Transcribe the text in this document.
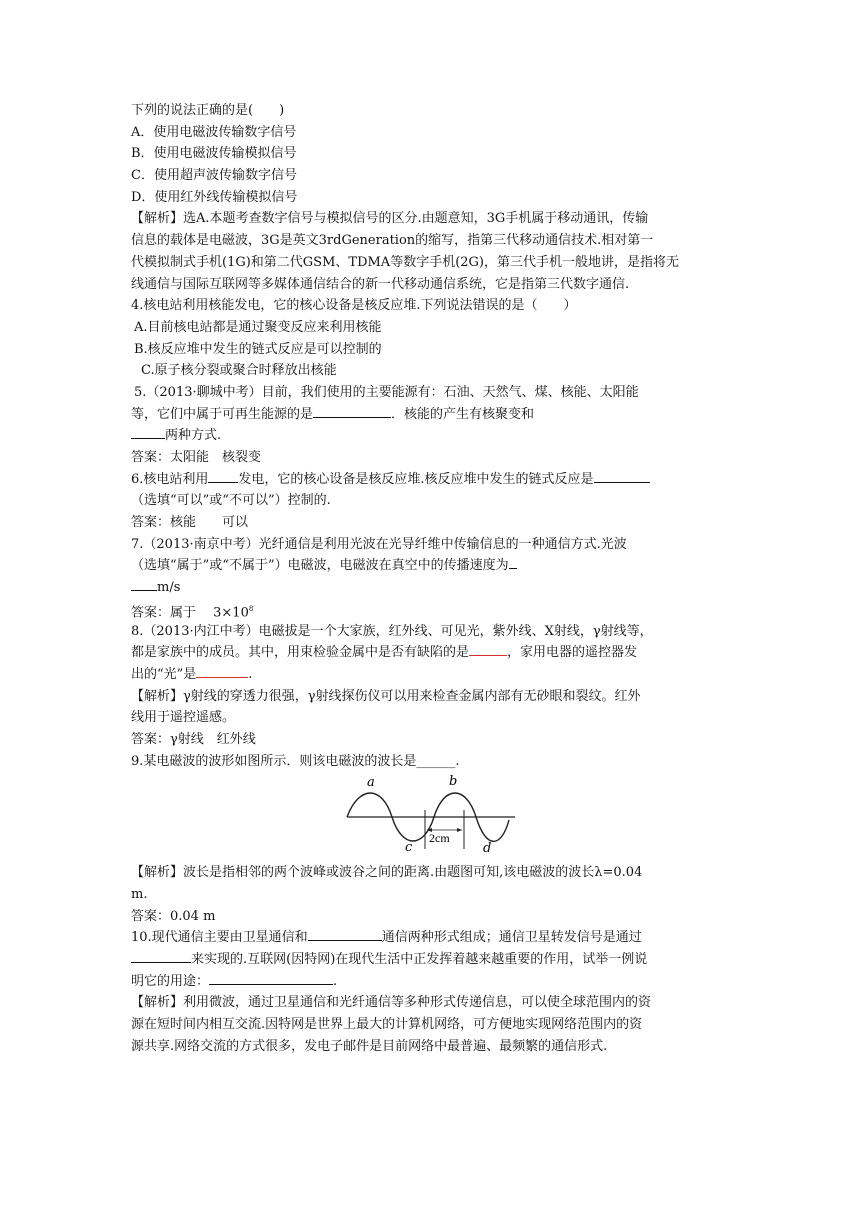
下列的说法正确的是(　　)
A．使用电磁波传输数字信号
B．使用电磁波传输模拟信号
C．使用超声波传输数字信号
D．使用红外线传输模拟信号
【解析】选A.本题考查数字信号与模拟信号的区分.由题意知，3G手机属于移动通讯，传输
信息的载体是电磁波，3G是英文3rdGeneration的缩写，指第三代移动通信技术.相对第一
代模拟制式手机(1G)和第二代GSM、TDMA等数字手机(2G)，第三代手机一般地讲，是指将无
线通信与国际互联网等多媒体通信结合的新一代移动通信系统，它是指第三代数字通信.
4.核电站利用核能发电，它的核心设备是核反应堆.下列说法错误的是（　　）
A.目前核电站都是通过聚变反应来利用核能
B.核反应堆中发生的链式反应是可以控制的
C.原子核分裂或聚合时释放出核能
5.（2013·聊城中考）目前，我们使用的主要能源有：石油、天然气、煤、核能、太阳能
等，它们中属于可再生能源的是	．核能的产生有核聚变和
两种方式.
答案：太阳能　核裂变
6.核电站利用 发电，它的核心设备是核反应堆.核反应堆中发生的链式反应是
（选填“可以”或“不可以”）控制的.
答案：核能　　可以
7.（2013·南京中考）光纤通信是利用光波在光导纤维中传输信息的一种通信方式.光波
（选填“属于”或“不属于”）电磁波，电磁波在真空中的传播速度为
m/s
答案：属于　 $3\times 10^8$
8.（2013·内江中考）电磁拔是一个大家族，红外线、可见光，紫外线、X射线，γ射线等，
都是家族中的成员。其中，用束检验金属中是否有缺陷的是	，家用电器的遥控器发
出的“光”是	.
【解析】γ射线的穿透力很强，γ射线探伤仪可以用来检查金属内部有无砂眼和裂纹。红外
线用于遥控遥感。
答案：γ射线　红外线
9.某电磁波的波形如图所示．则该电磁波的波长是______.
a	b
c	d
2cm
【解析】波长是指相邻的两个波峰或波谷之间的距离.由题图可知,该电磁波的波长λ=0.04
m.
答案：0.04 m
10.现代通信主要由卫星通信和	通信两种形式组成；通信卫星转发信号是通过
来实现的.互联网(因特网)在现代生活中正发挥着越来越重要的作用，试举一例说
明它的用途：	.
【解析】利用微波，通过卫星通信和光纤通信等多种形式传递信息，可以使全球范围内的资
源在短时间内相互交流.因特网是世界上最大的计算机网络，可方便地实现网络范围内的资
源共享.网络交流的方式很多，发电子邮件是目前网络中最普遍、最频繁的通信形式.
